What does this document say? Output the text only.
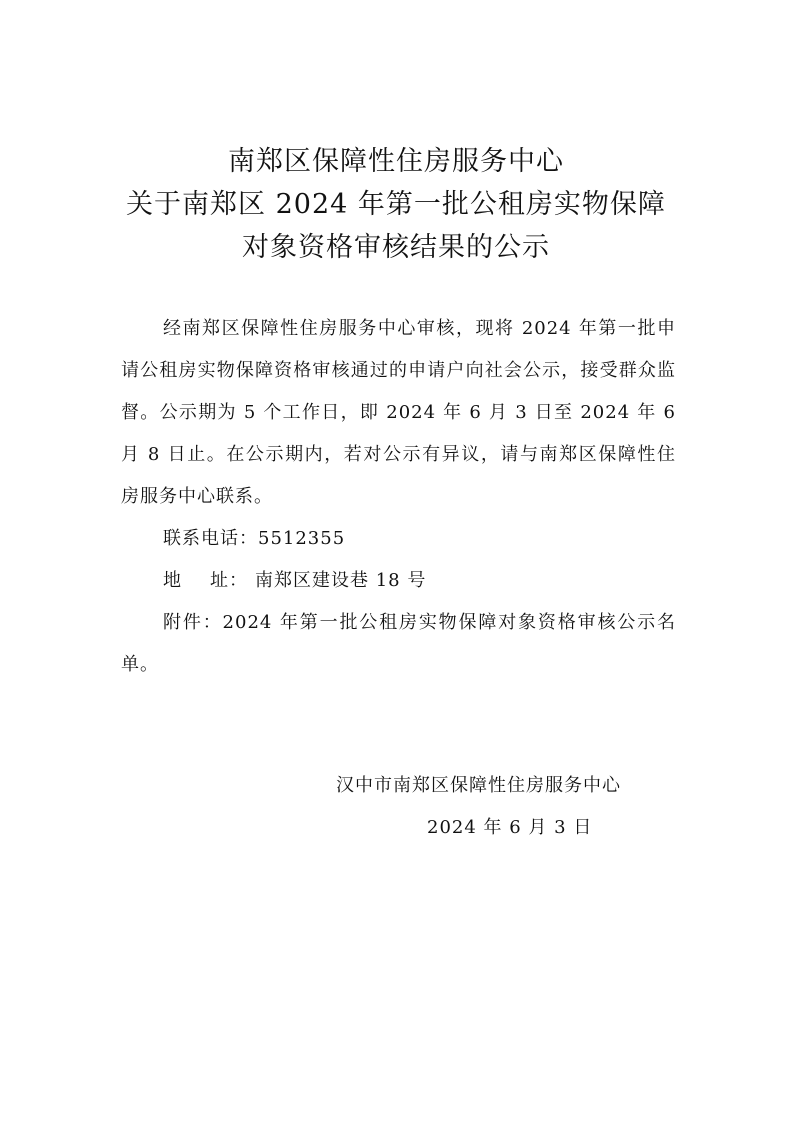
南郑区保障性住房服务中心
关于南郑区 2024 年第一批公租房实物保障
对象资格审核结果的公示
经南郑区保障性住房服务中心审核，现将 2024 年第一批申请公租房实物保障资格审核通过的申请户向社会公示，接受群众监督。公示期为 5 个工作日，即 2024 年 6 月 3 日至 2024 年 6 月 8 日止。在公示期内，若对公示有异议，请与南郑区保障性住房服务中心联系。
联系电话：5512355
地 址： 南郑区建设巷 18 号
附件：2024 年第一批公租房实物保障对象资格审核公示名单。
汉中市南郑区保障性住房服务中心
2024 年 6 月 3 日
